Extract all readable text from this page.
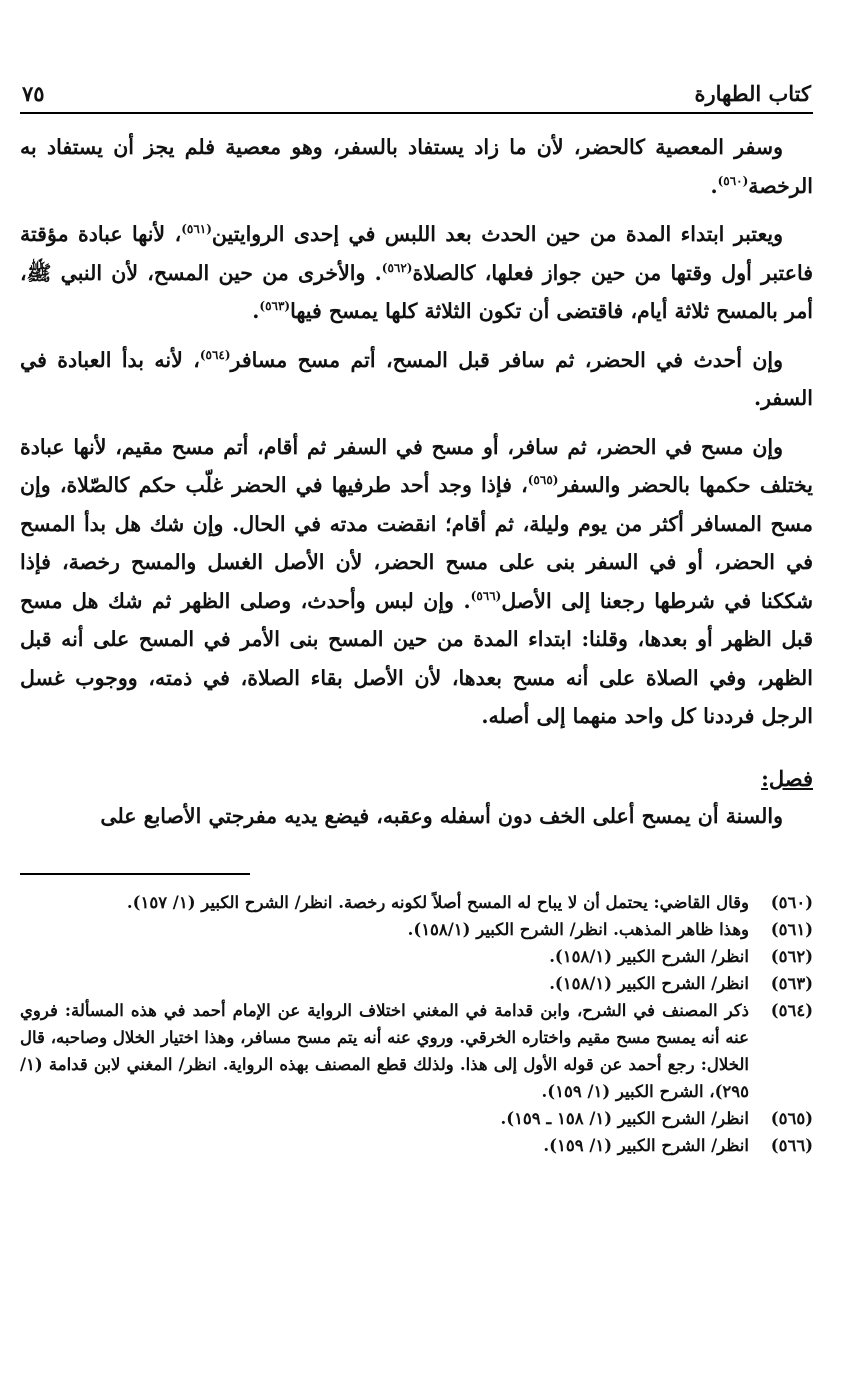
كتاب الطهارة
٧٥

وسفر المعصية كالحضر، لأن ما زاد يستفاد بالسفر، وهو معصية فلم يجز أن يستفاد به الرخصة$^{(٥٦٠)}$.

ويعتبر ابتداء المدة من حين الحدث بعد اللبس في إحدى الروايتين$^{(٥٦١)}$، لأنها عبادة مؤقتة فاعتبر أول وقتها من حين جواز فعلها، كالصلاة$^{(٥٦٢)}$. والأخرى من حين المسح، لأن النبي ﷺ، أمر بالمسح ثلاثة أيام، فاقتضى أن تكون الثلاثة كلها يمسح فيها$^{(٥٦٣)}$.

وإن أحدث في الحضر، ثم سافر قبل المسح، أتم مسح مسافر$^{(٥٦٤)}$، لأنه بدأ العبادة في السفر.

وإن مسح في الحضر، ثم سافر، أو مسح في السفر ثم أقام، أتم مسح مقيم، لأنها عبادة يختلف حكمها بالحضر والسفر$^{(٥٦٥)}$، فإذا وجد أحد طرفيها في الحضر غلّب حكم كالصّلاة، وإن مسح المسافر أكثر من يوم وليلة، ثم أقام؛ انقضت مدته في الحال. وإن شك هل بدأ المسح في الحضر، أو في السفر بنى على مسح الحضر، لأن الأصل الغسل والمسح رخصة، فإذا شككنا في شرطها رجعنا إلى الأصل$^{(٥٦٦)}$. وإن لبس وأحدث، وصلى الظهر ثم شك هل مسح قبل الظهر أو بعدها، وقلنا: ابتداء المدة من حين المسح بنى الأمر في المسح على أنه قبل الظهر، وفي الصلاة على أنه مسح بعدها، لأن الأصل بقاء الصلاة، في ذمته، ووجوب غسل الرجل فرددنا كل واحد منهما إلى أصله.

فصل:

والسنة أن يمسح أعلى الخف دون أسفله وعقبه، فيضع يديه مفرجتي الأصابع على

(٥٦٠)
وقال القاضي: يحتمل أن لا يباح له المسح أصلاً لكونه رخصة. انظر/ الشرح الكبير (١/ ١٥٧).
(٥٦١)
وهذا ظاهر المذهب. انظر/ الشرح الكبير (١٥٨/١).
(٥٦٢)
انظر/ الشرح الكبير (١٥٨/١).
(٥٦٣)
انظر/ الشرح الكبير (١٥٨/١).
(٥٦٤)
ذكر المصنف في الشرح، وابن قدامة في المغني اختلاف الرواية عن الإمام أحمد في هذه المسألة: فروي عنه أنه يمسح مسح مقيم واختاره الخرقي. وروي عنه أنه يتم مسح مسافر، وهذا اختيار الخلال وصاحبه، قال الخلال: رجع أحمد عن قوله الأول إلى هذا. ولذلك قطع المصنف بهذه الرواية. انظر/ المغني لابن قدامة (١/ ٢٩٥)، الشرح الكبير (١/ ١٥٩).
(٥٦٥)
انظر/ الشرح الكبير (١/ ١٥٨ ـ ١٥٩).
(٥٦٦)
انظر/ الشرح الكبير (١/ ١٥٩).
